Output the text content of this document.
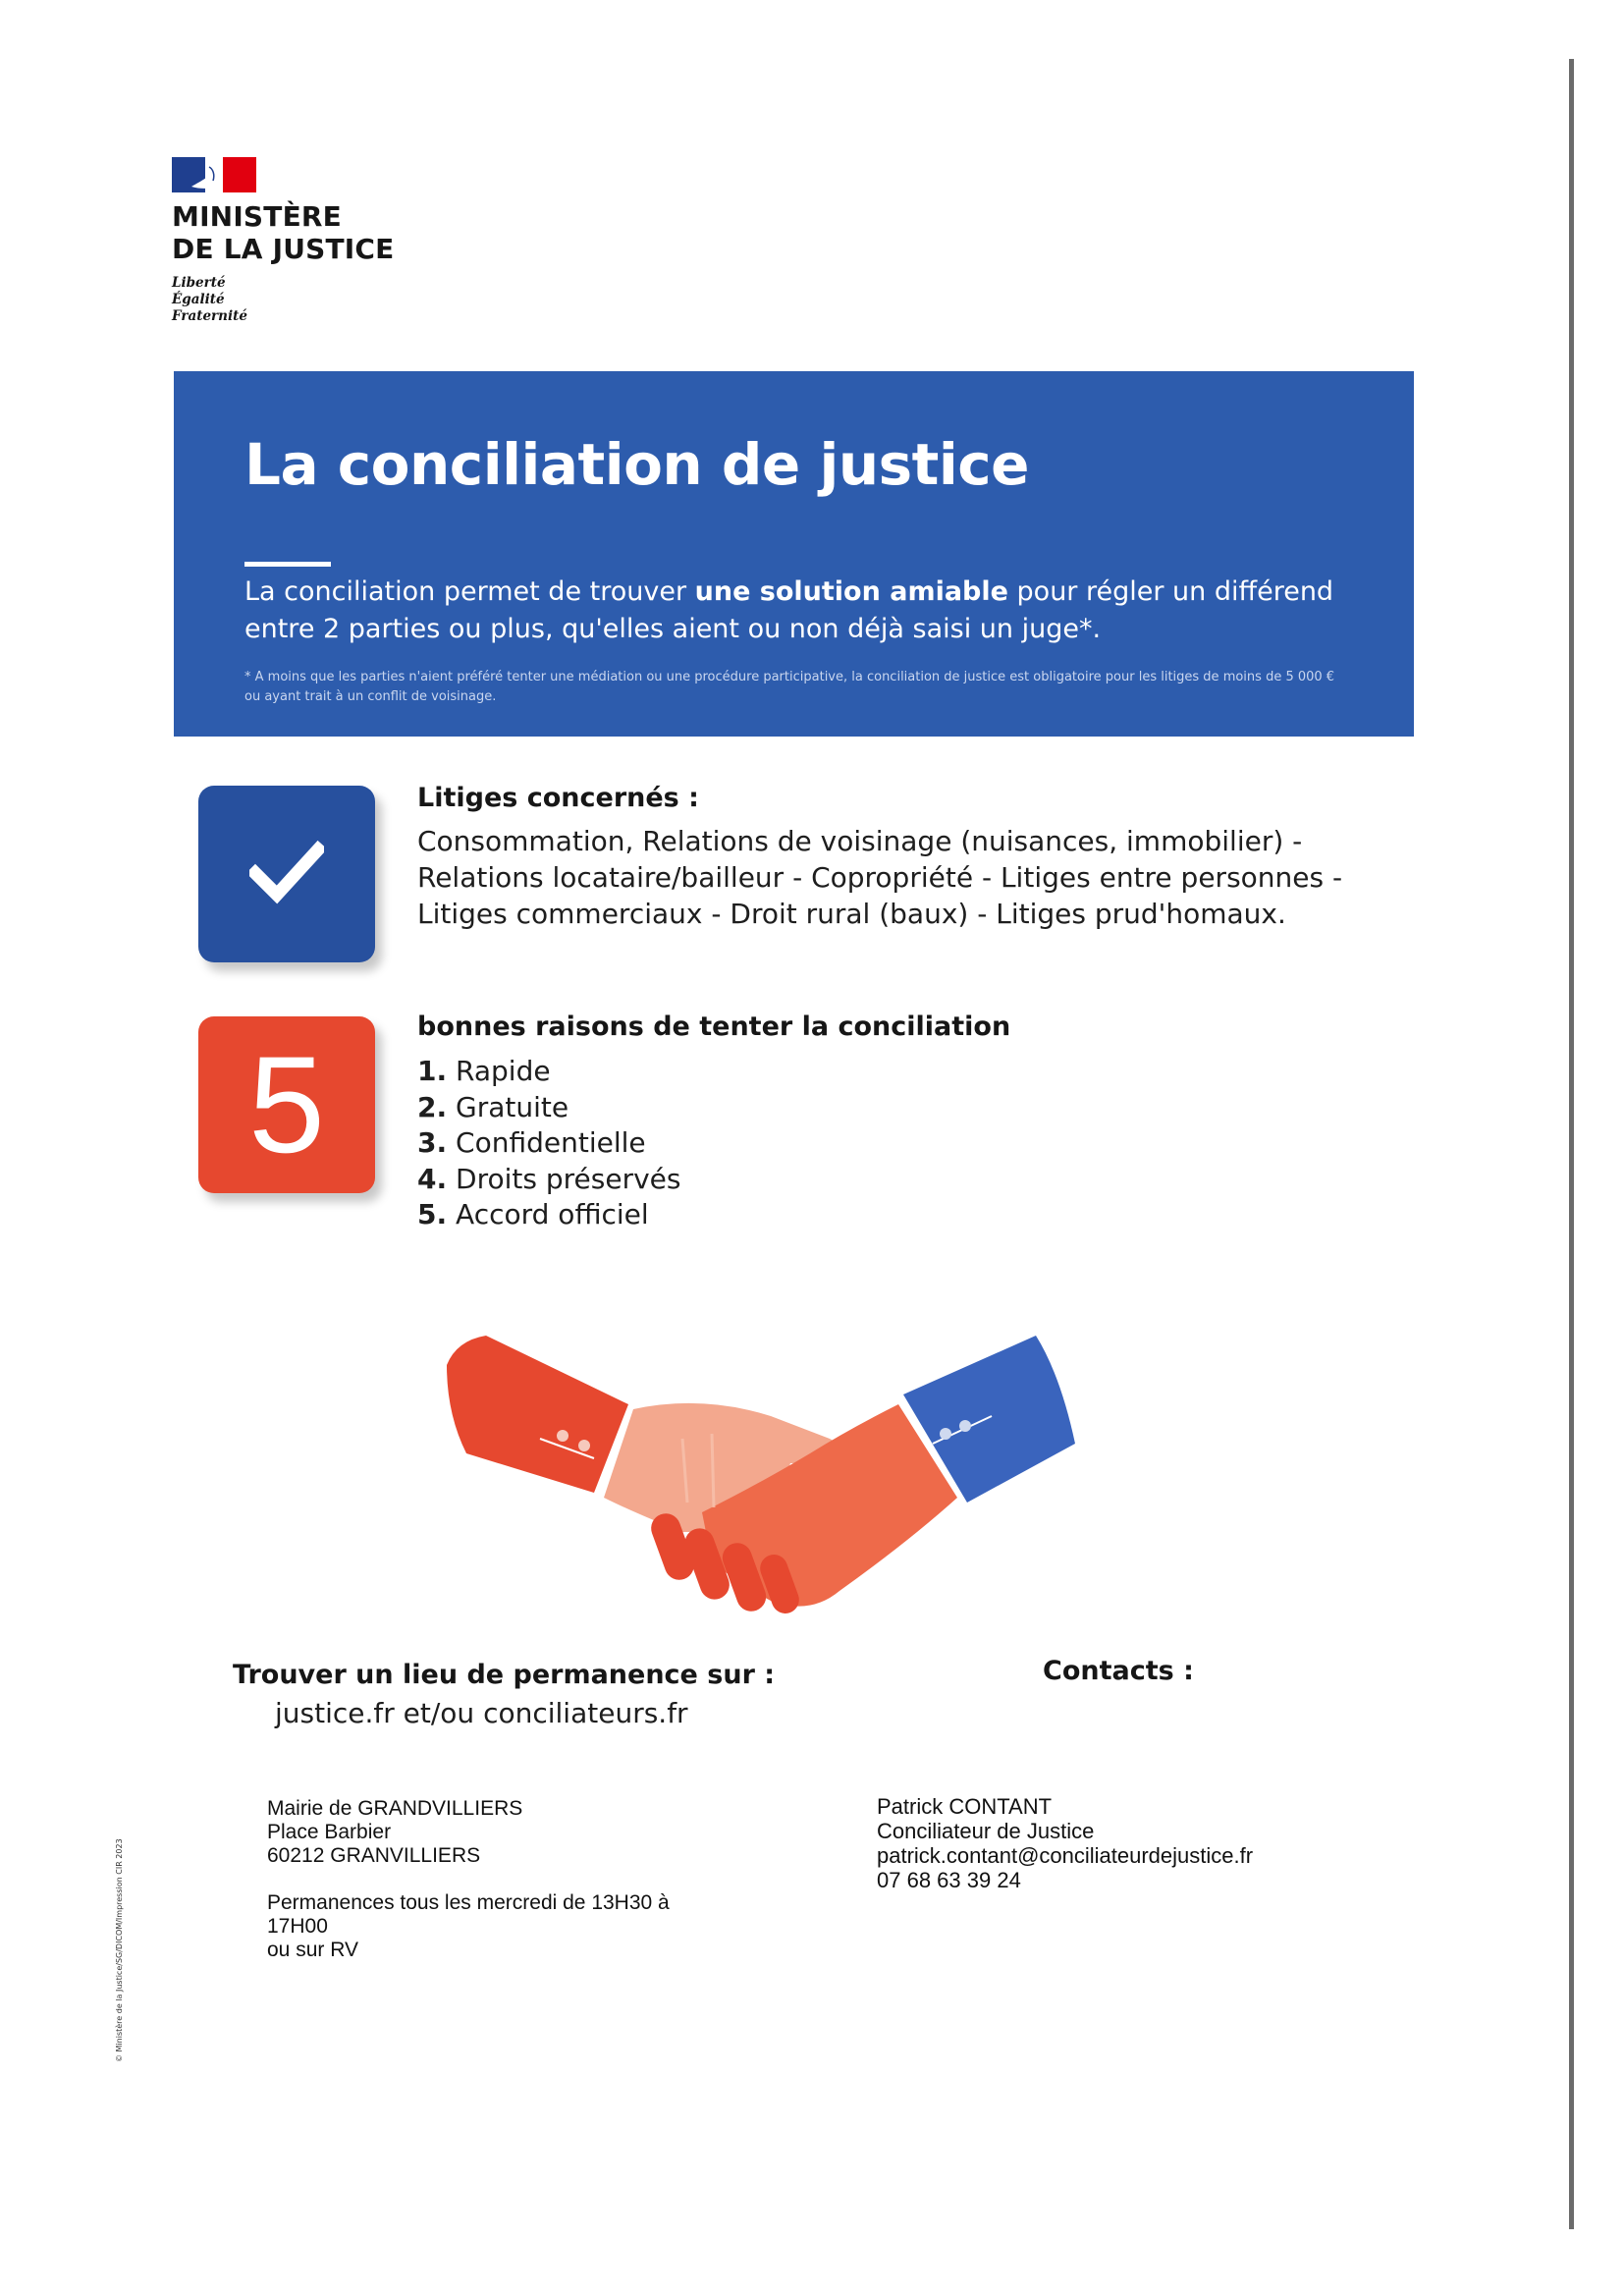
MINISTÈRE
DE LA JUSTICE
Liberté
Égalité
Fraternité
La conciliation de justice
La conciliation permet de trouver une solution amiable pour régler un différend entre 2 parties ou plus, qu'elles aient ou non déjà saisi un juge*.
* A moins que les parties n'aient préféré tenter une médiation ou une procédure participative, la conciliation de justice est obligatoire pour les litiges de moins de 5 000 € ou ayant trait à un conflit de voisinage.
Litiges concernés :
Consommation, Relations de voisinage (nuisances, immobilier) - Relations locataire/bailleur - Copropriété - Litiges entre personnes - Litiges commerciaux - Droit rural (baux) - Litiges prud'homaux.
5
bonnes raisons de tenter la conciliation
1. Rapide
2. Gratuite
3. Confidentielle
4. Droits préservés
5. Accord officiel
Trouver un lieu de permanence sur :
justice.fr et/ou conciliateurs.fr
Contacts :
Mairie de GRANDVILLIERS
Place Barbier
60212 GRANVILLIERS
Permanences tous les mercredi de 13H30 à 17H00
ou sur RV
Patrick CONTANT
Conciliateur de Justice
patrick.contant@conciliateurdejustice.fr
07 68 63 39 24
© Ministère de la Justice/SG/DICOM/Impression CIR 2023
